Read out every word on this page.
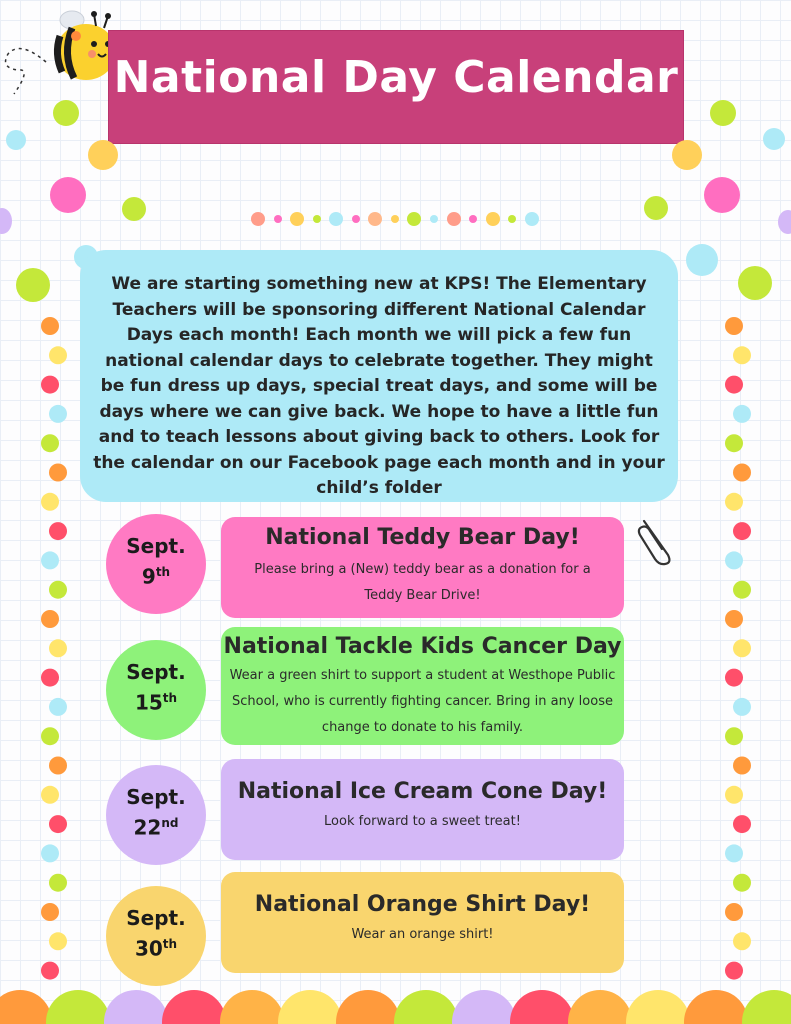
National Day Calendar
We are starting something new at KPS! The Elementary Teachers will be sponsoring different National Calendar Days each month! Each month we will pick a few fun national calendar days to celebrate together. They might be fun dress up days, special treat days, and some will be days where we can give back. We hope to have a little fun and to teach lessons about giving back to others. Look for the calendar on our Facebook page each month and in your child’s folder
Sept.
9th
National Teddy Bear Day!
Please bring a (New) teddy bear as a donation for a Teddy Bear Drive!
Sept.
15th
National Tackle Kids Cancer Day
Wear a green shirt to support a student at Westhope Public School, who is currently fighting cancer. Bring in any loose change to donate to his family.
Sept.
22nd
National Ice Cream Cone Day!
Look forward to a sweet treat!
Sept.
30th
National Orange Shirt Day!
Wear an orange shirt!
